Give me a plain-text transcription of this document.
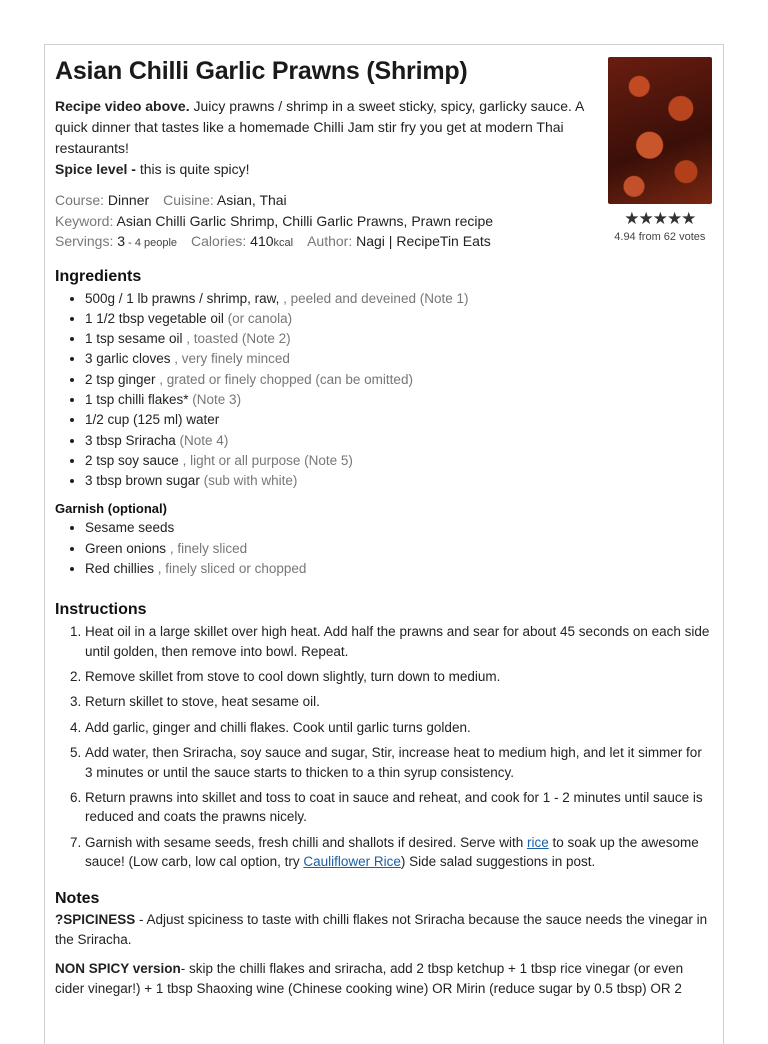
Asian Chilli Garlic Prawns (Shrimp)

Recipe video above. Juicy prawns / shrimp in a sweet sticky, spicy, garlicky sauce. A quick dinner that tastes like a homemade Chilli Jam stir fry you get at modern Thai restaurants!
Spice level - this is quite spicy!

Course: Dinner Cuisine: Asian, Thai
Keyword: Asian Chilli Garlic Shrimp, Chilli Garlic Prawns, Prawn recipe
Servings: 3 - 4 people Calories: 410kcal Author: Nagi | RecipeTin Eats
★★★★★
4.94 from 62 votes
Ingredients
• 500g / 1 lb prawns / shrimp, raw, , peeled and deveined (Note 1)
• 1 1/2 tbsp vegetable oil (or canola)
• 1 tsp sesame oil , toasted (Note 2)
• 3 garlic cloves , very finely minced
• 2 tsp ginger , grated or finely chopped (can be omitted)
• 1 tsp chilli flakes* (Note 3)
• 1/2 cup (125 ml) water
• 3 tbsp Sriracha (Note 4)
• 2 tsp soy sauce , light or all purpose (Note 5)
• 3 tbsp brown sugar (sub with white)
Garnish (optional)
• Sesame seeds
• Green onions , finely sliced
• Red chillies , finely sliced or chopped
Instructions
1. Heat oil in a large skillet over high heat. Add half the prawns and sear for about 45 seconds on each side until golden, then remove into bowl. Repeat.
2. Remove skillet from stove to cool down slightly, turn down to medium.
3. Return skillet to stove, heat sesame oil.
4. Add garlic, ginger and chilli flakes. Cook until garlic turns golden.
5. Add water, then Sriracha, soy sauce and sugar, Stir, increase heat to medium high, and let it simmer for 3 minutes or until the sauce starts to thicken to a thin syrup consistency.
6. Return prawns into skillet and toss to coat in sauce and reheat, and cook for 1 - 2 minutes until sauce is reduced and coats the prawns nicely.
7. Garnish with sesame seeds, fresh chilli and shallots if desired. Serve with rice to soak up the awesome sauce! (Low carb, low cal option, try Cauliflower Rice) Side salad suggestions in post.
Notes

?SPICINESS - Adjust spiciness to taste with chilli flakes not Sriracha because the sauce needs the vinegar in the Sriracha.

NON SPICY version- skip the chilli flakes and sriracha, add 2 tbsp ketchup + 1 tbsp rice vinegar (or even cider vinegar!) + 1 tbsp Shaoxing wine (Chinese cooking wine) OR Mirin (reduce sugar by 0.5 tbsp) OR 2
